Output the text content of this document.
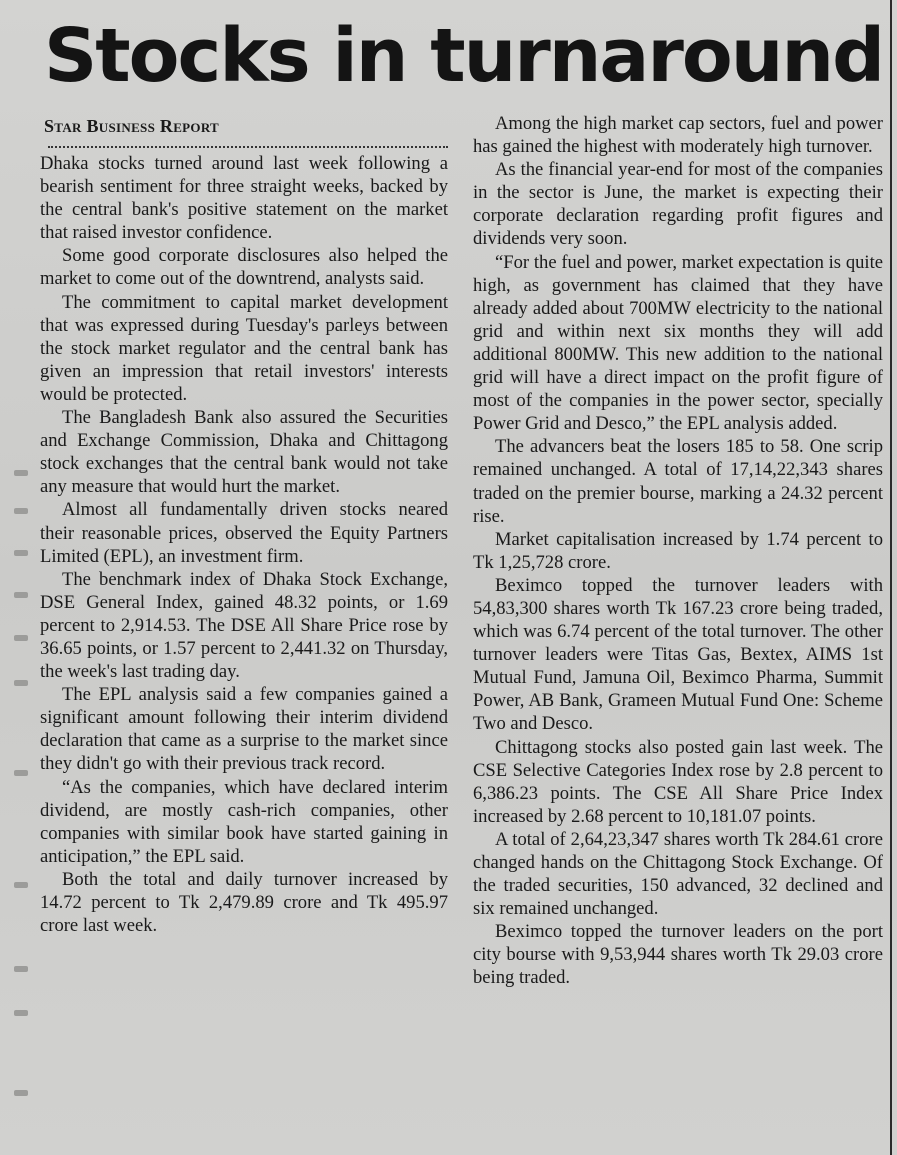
Stocks in turnaround
Star Business Report

Dhaka stocks turned around last week following a bearish sentiment for three straight weeks, backed by the central bank's positive statement on the market that raised investor confidence.

Some good corporate disclosures also helped the market to come out of the downtrend, analysts said.

The commitment to capital market development that was expressed during Tuesday's parleys between the stock market regulator and the central bank has given an impression that retail investors' interests would be protected.

The Bangladesh Bank also assured the Securities and Exchange Commission, Dhaka and Chittagong stock exchanges that the central bank would not take any measure that would hurt the market.

Almost all fundamentally driven stocks neared their reasonable prices, observed the Equity Partners Limited (EPL), an investment firm.

The benchmark index of Dhaka Stock Exchange, DSE General Index, gained 48.32 points, or 1.69 percent to 2,914.53. The DSE All Share Price rose by 36.65 points, or 1.57 percent to 2,441.32 on Thursday, the week's last trading day.

The EPL analysis said a few companies gained a significant amount following their interim dividend declaration that came as a surprise to the market since they didn't go with their previous track record.

“As the companies, which have declared interim dividend, are mostly cash-rich companies, other companies with similar book have started gaining in anticipation,” the EPL said.

Both the total and daily turnover increased by 14.72 percent to Tk 2,479.89 crore and Tk 495.97 crore last week.

Among the high market cap sectors, fuel and power has gained the highest with moderately high turnover.

As the financial year-end for most of the companies in the sector is June, the market is expecting their corporate declaration regarding profit figures and dividends very soon.

“For the fuel and power, market expectation is quite high, as government has claimed that they have already added about 700MW electricity to the national grid and within next six months they will add additional 800MW. This new addition to the national grid will have a direct impact on the profit figure of most of the companies in the power sector, specially Power Grid and Desco,” the EPL analysis added.

The advancers beat the losers 185 to 58. One scrip remained unchanged. A total of 17,14,22,343 shares traded on the premier bourse, marking a 24.32 percent rise.

Market capitalisation increased by 1.74 percent to Tk 1,25,728 crore.

Beximco topped the turnover leaders with 54,83,300 shares worth Tk 167.23 crore being traded, which was 6.74 percent of the total turnover. The other turnover leaders were Titas Gas, Bextex, AIMS 1st Mutual Fund, Jamuna Oil, Beximco Pharma, Summit Power, AB Bank, Grameen Mutual Fund One: Scheme Two and Desco.

Chittagong stocks also posted gain last week. The CSE Selective Categories Index rose by 2.8 percent to 6,386.23 points. The CSE All Share Price Index increased by 2.68 percent to 10,181.07 points.

A total of 2,64,23,347 shares worth Tk 284.61 crore changed hands on the Chittagong Stock Exchange. Of the traded securities, 150 advanced, 32 declined and six remained unchanged.

Beximco topped the turnover leaders on the port city bourse with 9,53,944 shares worth Tk 29.03 crore being traded.
